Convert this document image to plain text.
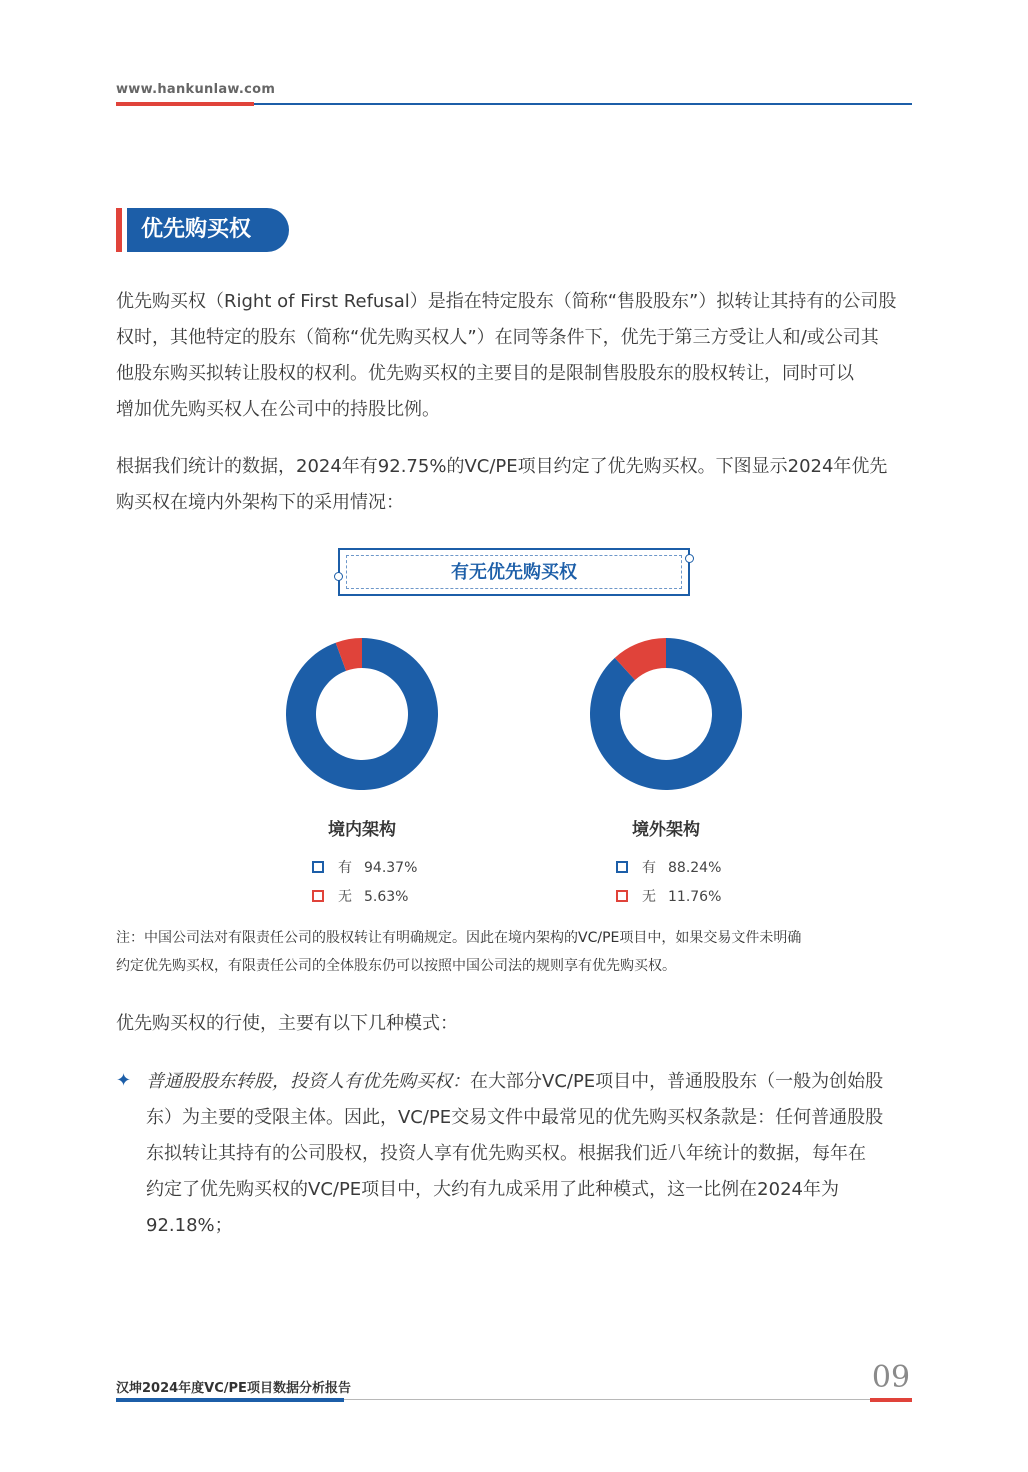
www.hankunlaw.com
优先购买权
优先购买权（Right of First Refusal）是指在特定股东（简称“售股股东”）拟转让其持有的公司股
权时，其他特定的股东（简称“优先购买权人”）在同等条件下，优先于第三方受让人和/或公司其
他股东购买拟转让股权的权利。优先购买权的主要目的是限制售股股东的股权转让，同时可以
增加优先购买权人在公司中的持股比例。
根据我们统计的数据，2024年有92.75%的VC/PE项目约定了优先购买权。下图显示2024年优先
购买权在境内外架构下的采用情况：
有无优先购买权
境内架构	境外架构
有 94.37%
无 5.63%
有 88.24%
无 11.76%
注：中国公司法对有限责任公司的股权转让有明确规定。因此在境内架构的VC/PE项目中，如果交易文件未明确
约定优先购买权，有限责任公司的全体股东仍可以按照中国公司法的规则享有优先购买权。
优先购买权的行使，主要有以下几种模式：
✦ 普通股股东转股，投资人有优先购买权：在大部分VC/PE项目中，普通股股东（一般为创始股
东）为主要的受限主体。因此，VC/PE交易文件中最常见的优先购买权条款是：任何普通股股
东拟转让其持有的公司股权，投资人享有优先购买权。根据我们近八年统计的数据，每年在
约定了优先购买权的VC/PE项目中，大约有九成采用了此种模式，这一比例在2024年为
92.18%；
汉坤2024年度VC/PE项目数据分析报告	09
